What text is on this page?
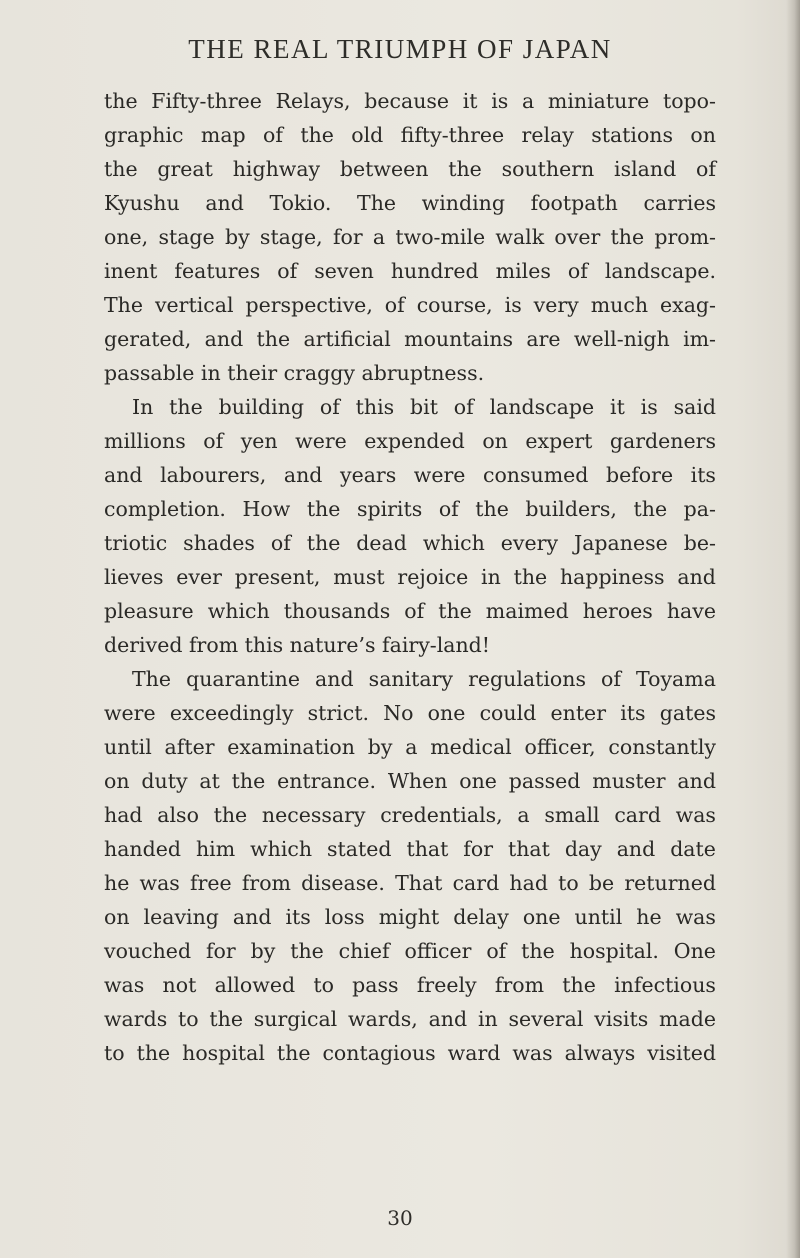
THE REAL TRIUMPH OF JAPAN
the Fifty-three Relays, because it is a miniature topo-
graphic map of the old fifty-three relay stations on
the great highway between the southern island of
Kyushu and Tokio. The winding footpath carries
one, stage by stage, for a two-mile walk over the prom-
inent features of seven hundred miles of landscape.
The vertical perspective, of course, is very much exag-
gerated, and the artificial mountains are well-nigh im-
passable in their craggy abruptness.
In the building of this bit of landscape it is said
millions of yen were expended on expert gardeners
and labourers, and years were consumed before its
completion. How the spirits of the builders, the pa-
triotic shades of the dead which every Japanese be-
lieves ever present, must rejoice in the happiness and
pleasure which thousands of the maimed heroes have
derived from this nature’s fairy-land!
The quarantine and sanitary regulations of Toyama
were exceedingly strict. No one could enter its gates
until after examination by a medical officer, constantly
on duty at the entrance. When one passed muster and
had also the necessary credentials, a small card was
handed him which stated that for that day and date
he was free from disease. That card had to be returned
on leaving and its loss might delay one until he was
vouched for by the chief officer of the hospital. One
was not allowed to pass freely from the infectious
wards to the surgical wards, and in several visits made
to the hospital the contagious ward was always visited
30
